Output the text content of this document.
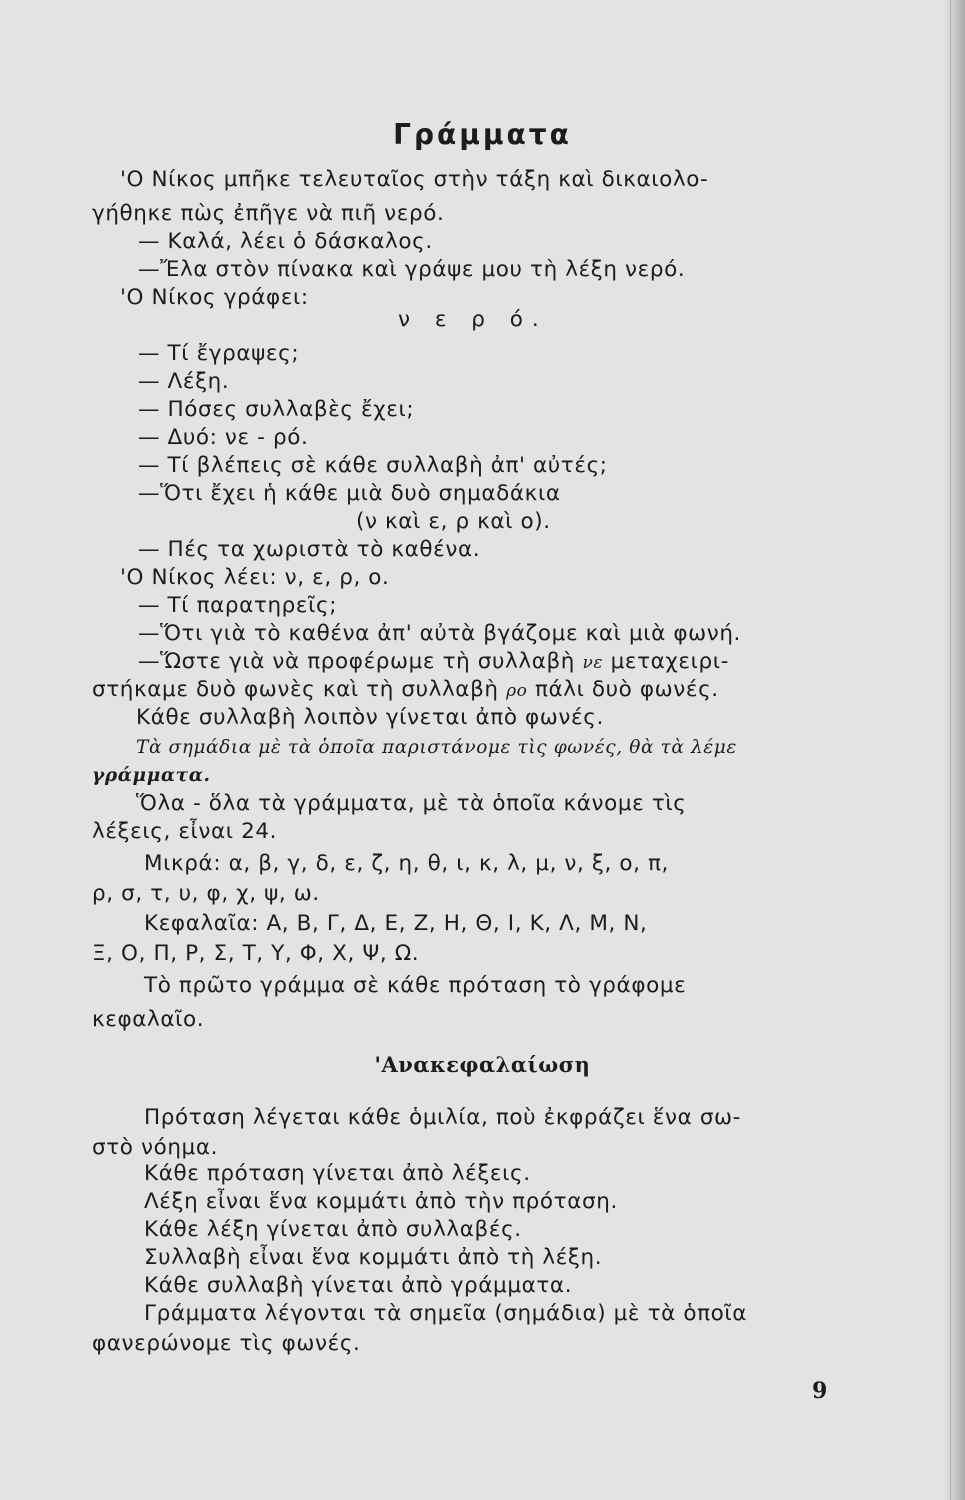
Γράμματα
'Ο Νίκος μπῆκε τελευταῖος στὴν τάξη καὶ δικαιολο-
γήθηκε πὼς ἐπῆγε νὰ πιῆ νερό.
— Καλά, λέει ὁ δάσκαλος.
—Ἔλα στὸν πίνακα καὶ γράψε μου τὴ λέξη νερό.
'Ο Νίκος γράφει:
ν ε ρ ό.
— Τί ἔγραψες;
— Λέξη.
— Πόσες συλλαβὲς ἔχει;
— Δυό: νε - ρό.
— Τί βλέπεις σὲ κάθε συλλαβὴ ἀπ' αὐτές;
—Ὅτι ἔχει ἡ κάθε μιὰ δυὸ σημαδάκια
(ν καὶ ε, ρ καὶ ο).
— Πές τα χωριστὰ τὸ καθένα.
'Ο Νίκος λέει: ν, ε, ρ, ο.
— Τί παρατηρεῖς;
—Ὅτι γιὰ τὸ καθένα ἀπ' αὐτὰ βγάζομε καὶ μιὰ φωνή.
—Ὥστε γιὰ νὰ προφέρωμε τὴ συλλαβὴ νε μεταχειρι-
στήκαμε δυὸ φωνὲς καὶ τὴ συλλαβὴ ρο πάλι δυὸ φωνές.
Κάθε συλλαβὴ λοιπὸν γίνεται ἀπὸ φωνές.
Τὰ σημάδια μὲ τὰ ὁποῖα παριστάνομε τὶς φωνές, θὰ τὰ λέμε
γράμματα.
Ὅλα - ὅλα τὰ γράμματα, μὲ τὰ ὁποῖα κάνομε τὶς
λέξεις, εἶναι 24.
Μικρά: α, β, γ, δ, ε, ζ, η, θ, ι, κ, λ, μ, ν, ξ, ο, π,
ρ, σ, τ, υ, φ, χ, ψ, ω.
Κεφαλαῖα: Α, Β, Γ, Δ, Ε, Ζ, Η, Θ, Ι, Κ, Λ, Μ, Ν,
Ξ, Ο, Π, Ρ, Σ, Τ, Υ, Φ, Χ, Ψ, Ω.
Τὸ πρῶτο γράμμα σὲ κάθε πρόταση τὸ γράφομε
κεφαλαῖο.
'Ανακεφαλαίωση
Πρόταση λέγεται κάθε ὁμιλία, ποὺ ἐκφράζει ἕνα σω-
στὸ νόημα.
Κάθε πρόταση γίνεται ἀπὸ λέξεις.
Λέξη εἶναι ἕνα κομμάτι ἀπὸ τὴν πρόταση.
Κάθε λέξη γίνεται ἀπὸ συλλαβές.
Συλλαβὴ εἶναι ἕνα κομμάτι ἀπὸ τὴ λέξη.
Κάθε συλλαβὴ γίνεται ἀπὸ γράμματα.
Γράμματα λέγονται τὰ σημεῖα (σημάδια) μὲ τὰ ὁποῖα
φανερώνομε τὶς φωνές.
9
